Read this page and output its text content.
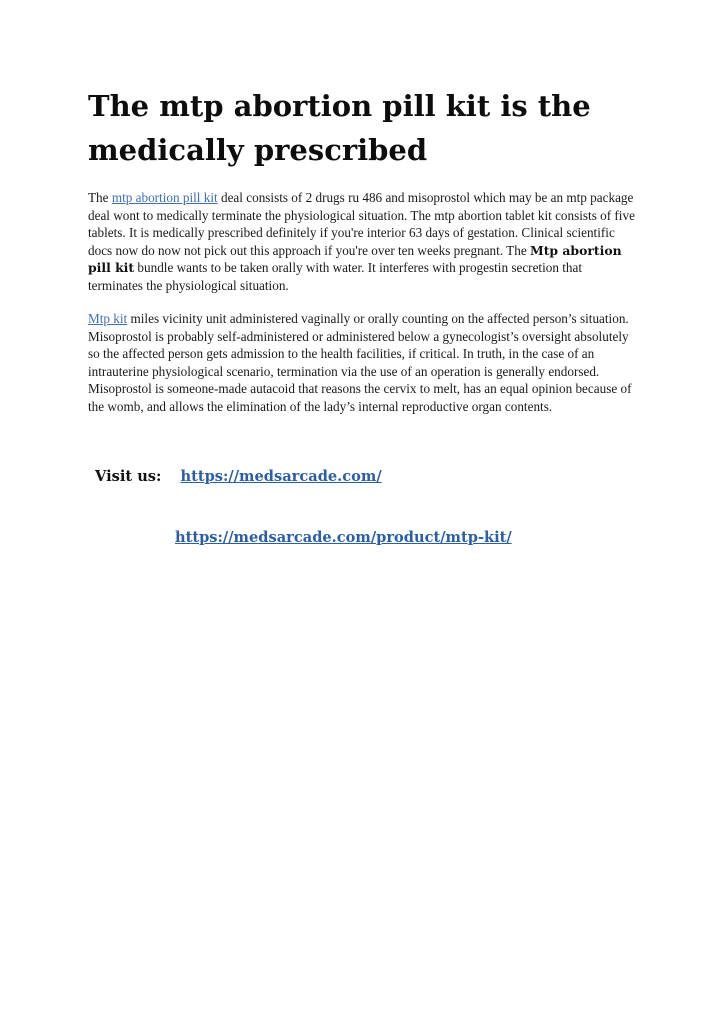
The mtp abortion pill kit is the medically prescribed

The mtp abortion pill kit deal consists of 2 drugs ru 486 and misoprostol which may be an mtp package deal wont to medically terminate the physiological situation. The mtp abortion tablet kit consists of five tablets. It is medically prescribed definitely if you're interior 63 days of gestation. Clinical scientific docs now do now not pick out this approach if you're over ten weeks pregnant. The Mtp abortion pill kit bundle wants to be taken orally with water. It interferes with progestin secretion that terminates the physiological situation.

Mtp kit miles vicinity unit administered vaginally or orally counting on the affected person’s situation. Misoprostol is probably self-administered or administered below a gynecologist’s oversight absolutely so the affected person gets admission to the health facilities, if critical. In truth, in the case of an intrauterine physiological scenario, termination via the use of an operation is generally endorsed. Misoprostol is someone-made autacoid that reasons the cervix to melt, has an equal opinion because of the womb, and allows the elimination of the lady’s internal reproductive organ contents.

Visit us: https://medsarcade.com/
https://medsarcade.com/product/mtp-kit/
